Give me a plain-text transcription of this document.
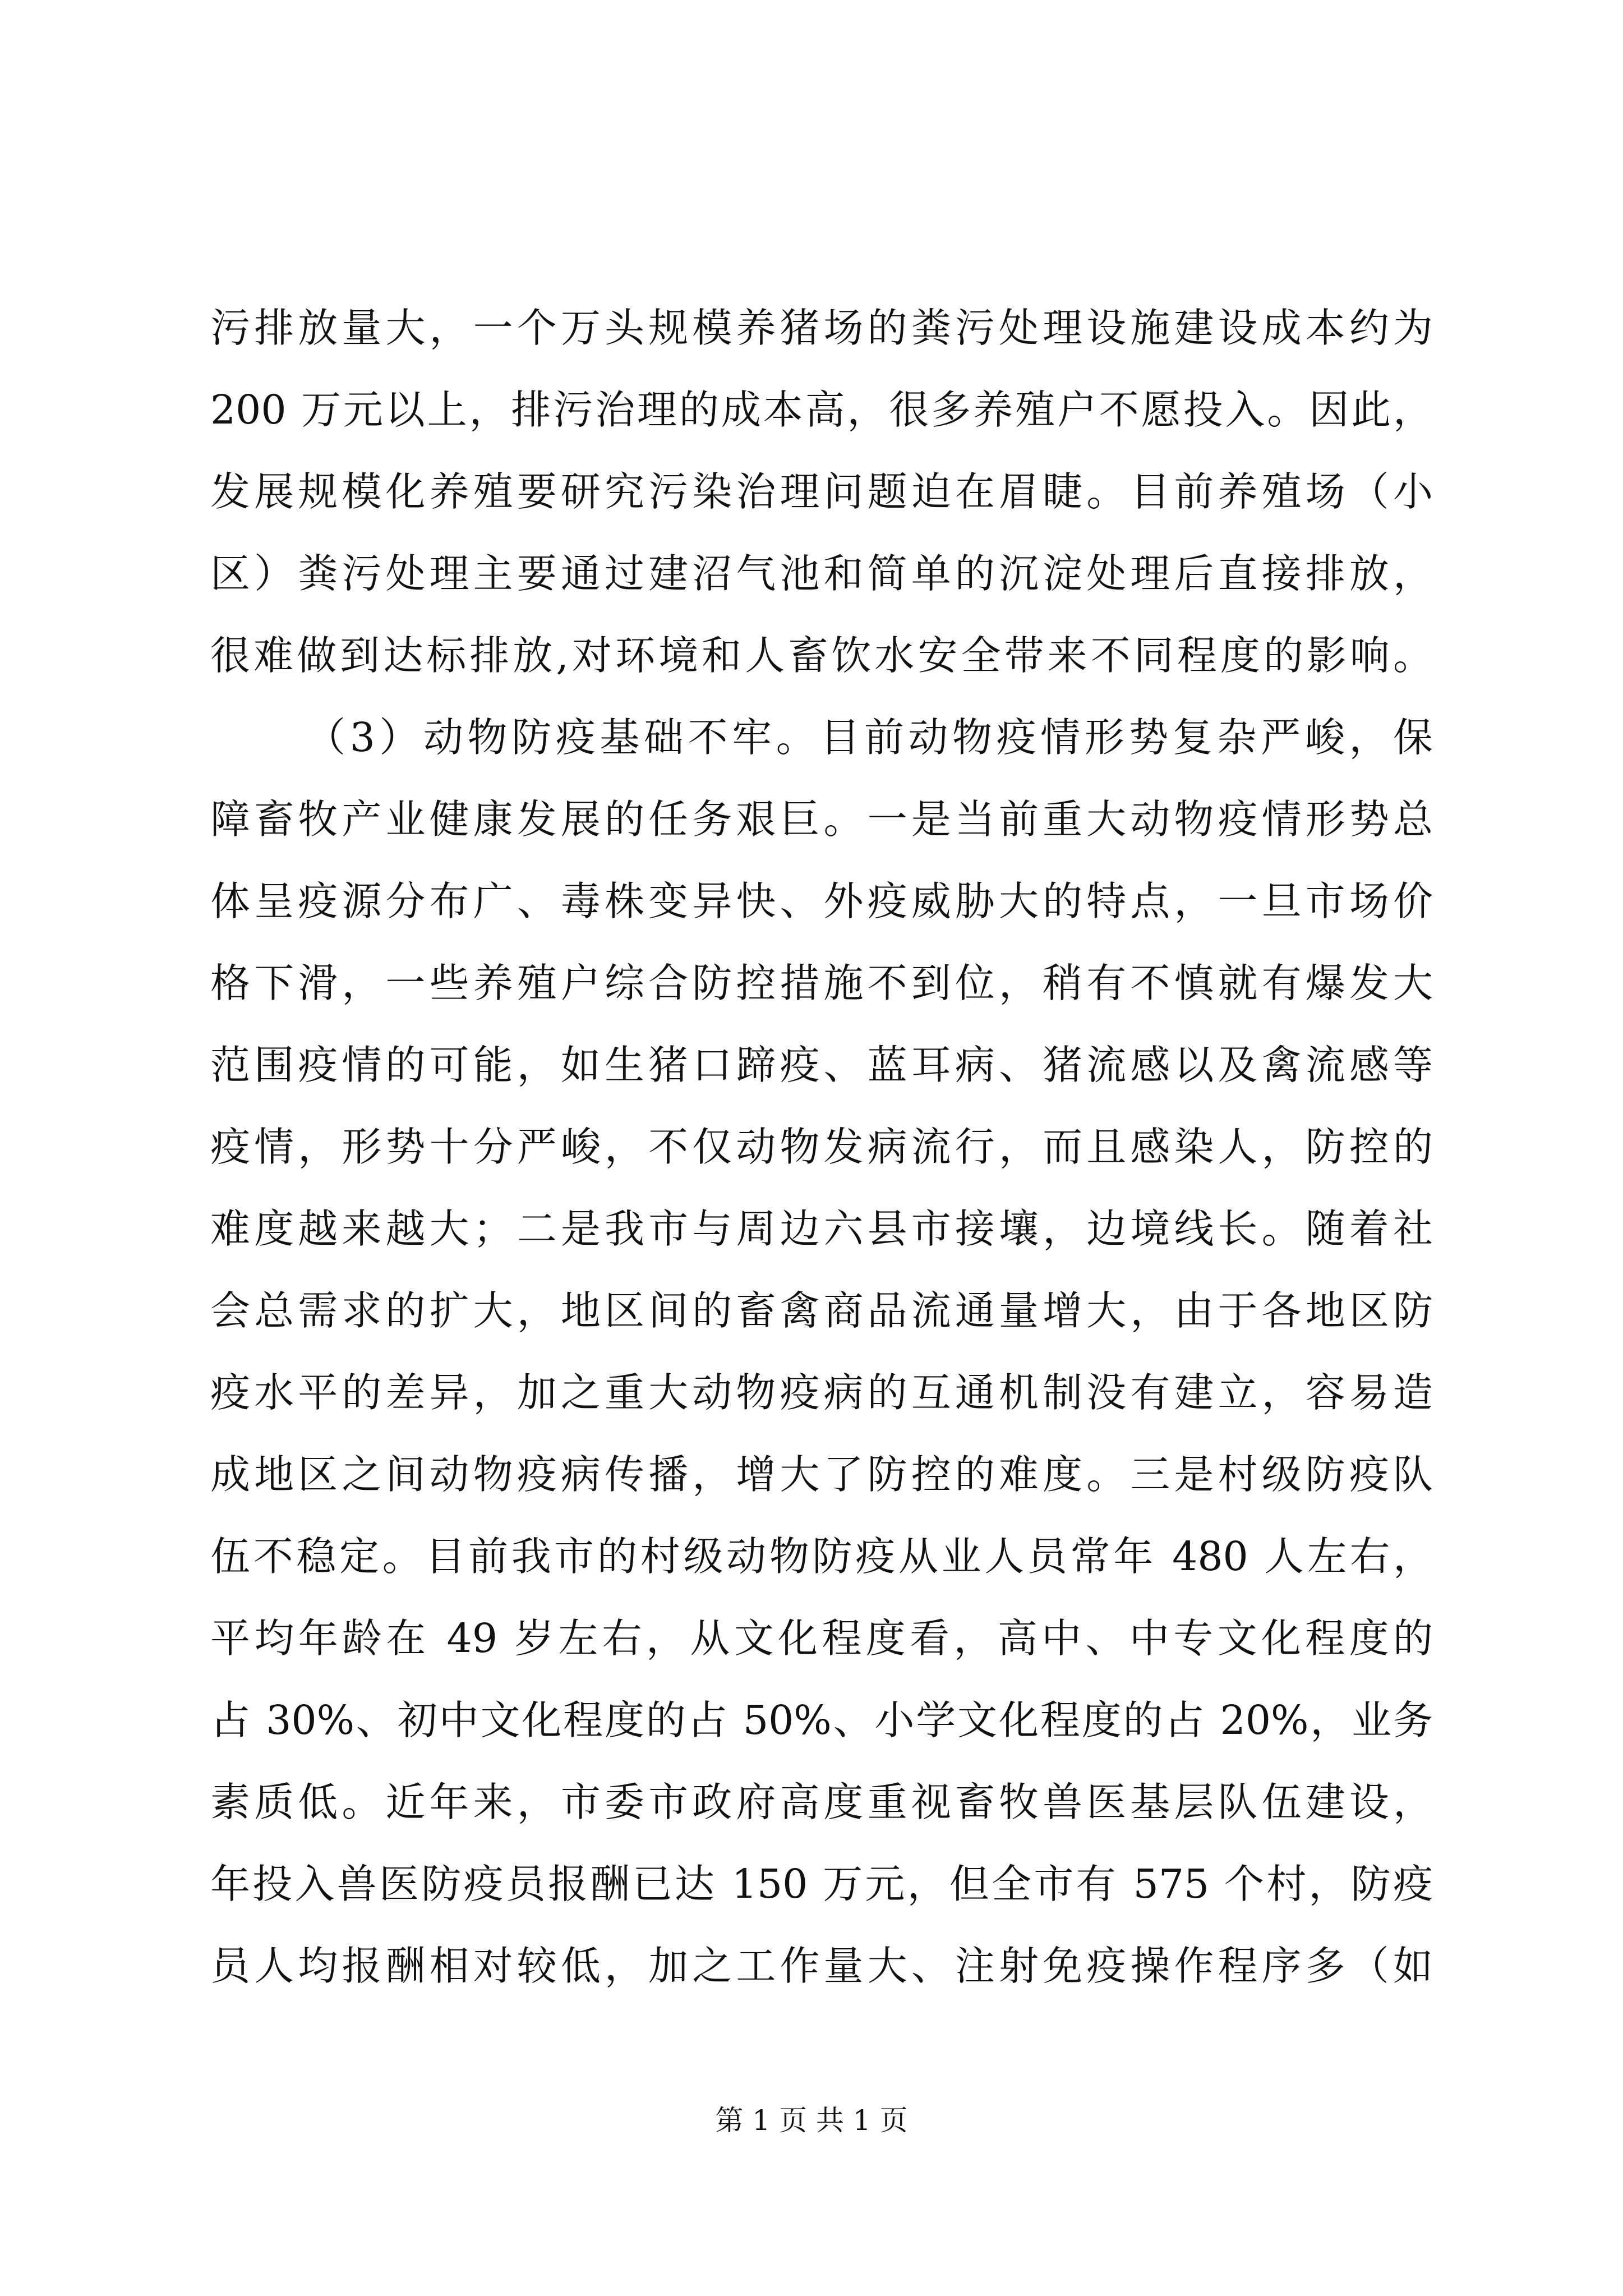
污排放量大，一个万头规模养猪场的粪污处理设施建设成本约为
200 万元以上，排污治理的成本高，很多养殖户不愿投入。因此，
发展规模化养殖要研究污染治理问题迫在眉睫。目前养殖场（小
区）粪污处理主要通过建沼气池和简单的沉淀处理后直接排放，
很难做到达标排放,对环境和人畜饮水安全带来不同程度的影响。
（3）动物防疫基础不牢。目前动物疫情形势复杂严峻，保
障畜牧产业健康发展的任务艰巨。一是当前重大动物疫情形势总
体呈疫源分布广、毒株变异快、外疫威胁大的特点，一旦市场价
格下滑，一些养殖户综合防控措施不到位，稍有不慎就有爆发大
范围疫情的可能，如生猪口蹄疫、蓝耳病、猪流感以及禽流感等
疫情，形势十分严峻，不仅动物发病流行，而且感染人，防控的
难度越来越大；二是我市与周边六县市接壤，边境线长。随着社
会总需求的扩大，地区间的畜禽商品流通量增大，由于各地区防
疫水平的差异，加之重大动物疫病的互通机制没有建立，容易造
成地区之间动物疫病传播，增大了防控的难度。三是村级防疫队
伍不稳定。目前我市的村级动物防疫从业人员常年 480 人左右，
平均年龄在 49 岁左右，从文化程度看，高中、中专文化程度的
占 30%、初中文化程度的占 50%、小学文化程度的占 20%，业务
素质低。近年来，市委市政府高度重视畜牧兽医基层队伍建设，
年投入兽医防疫员报酬已达 150 万元，但全市有 575 个村，防疫
员人均报酬相对较低，加之工作量大、注射免疫操作程序多（如
第 1 页 共 1 页
